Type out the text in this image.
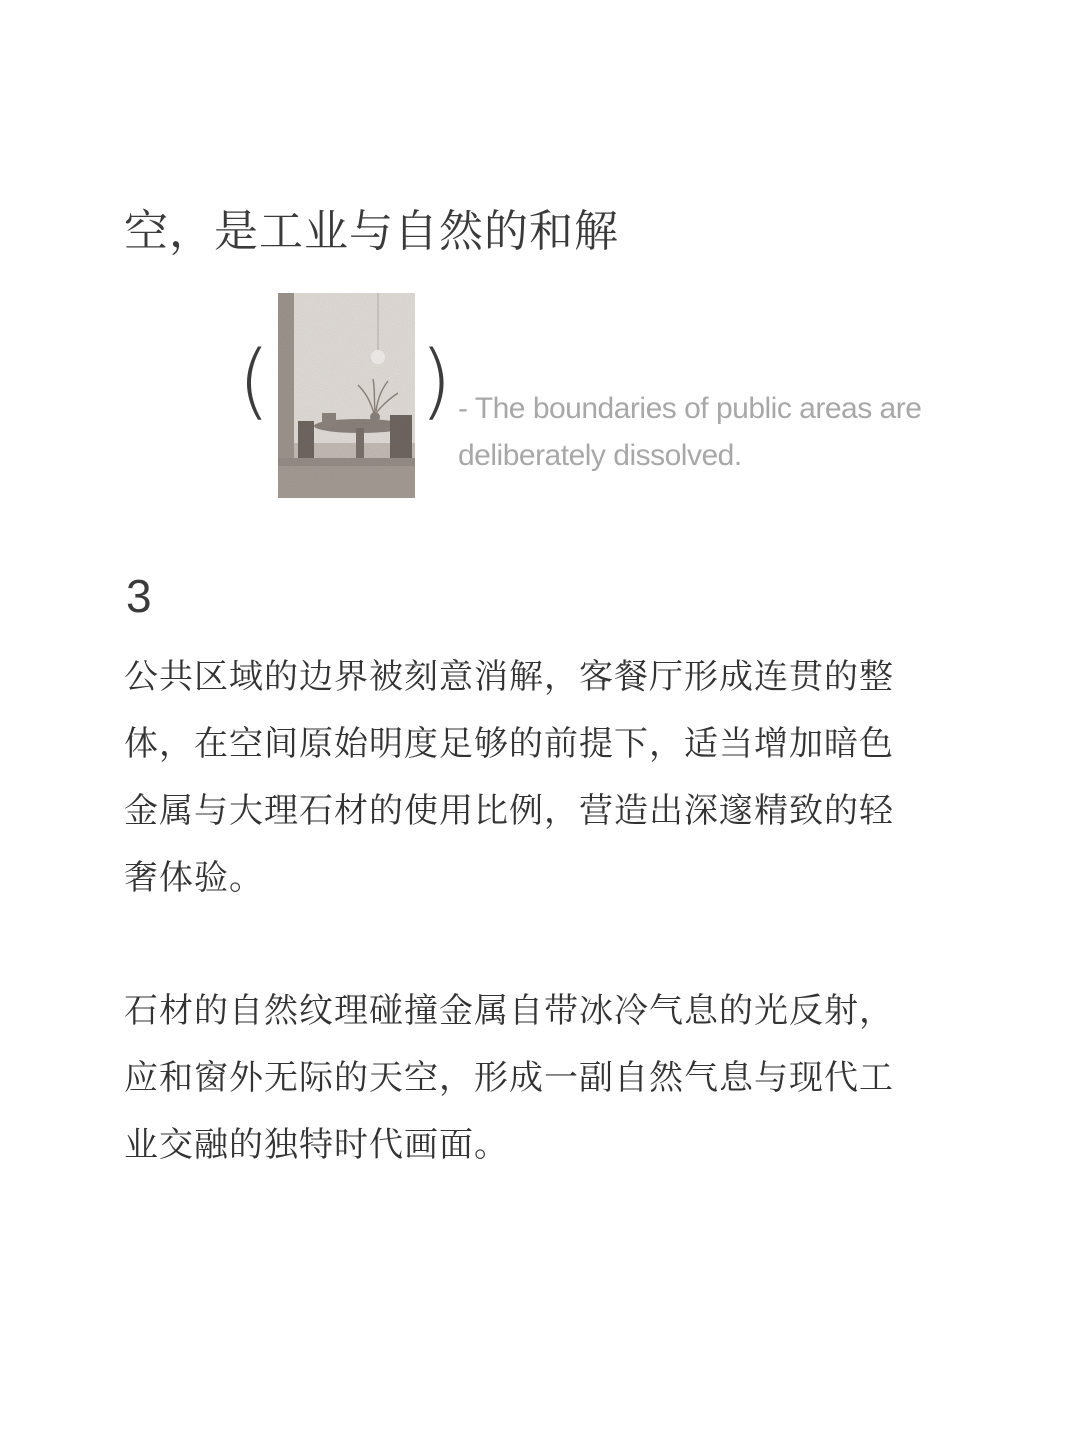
空，是工业与自然的和解
( ) - The boundaries of public areas are deliberately dissolved.
3
公共区域的边界被刻意消解，客餐厅形成连贯的整体，在空间原始明度足够的前提下，适当增加暗色金属与大理石材的使用比例，营造出深邃精致的轻奢体验。
石材的自然纹理碰撞金属自带冰冷气息的光反射，应和窗外无际的天空，形成一副自然气息与现代工业交融的独特时代画面。
